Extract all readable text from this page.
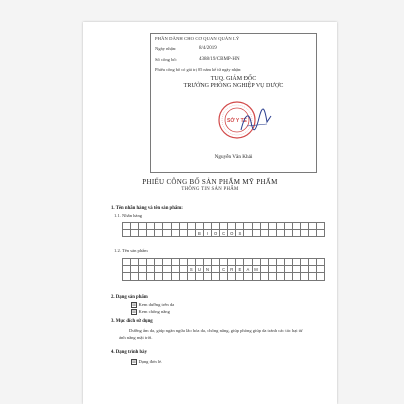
PHẦN DÀNH CHO CƠ QUAN QUẢN LÝ
Ngày nhận:	8/4/2019
Số công bố:	4388/19/CBMP-HN
Phiếu công bố có giá trị 05 năm kể từ ngày nhận:
TUQ. GIÁM ĐỐC
TRƯỞNG PHÒNG NGHIỆP VỤ DƯỢC
SỞ Y TẾ
Nguyễn Văn Khải
PHIẾU CÔNG BỐ SẢN PHẨM MỸ PHẨM
THÔNG TIN SẢN PHẨM
1. Tên nhãn hàng và tên sản phẩm:
1.1. Nhãn hàng

									B	I	O	C	O	S										
1.2. Tên sản phẩm

								S	U	N		C	R	E	A	M								

2. Dạng sản phẩm
☒ Kem dưỡng trên da
☒ Kem chống nắng
3. Mục đích sử dụng
Dưỡng ẩm da, giúp ngăn ngừa lão hóa da, chống nắng, giúp phòng giúp da tránh các tác hại từ ánh nắng mặt trời.
4. Dạng trình bày
☒ Dạng đơn lẻ.
